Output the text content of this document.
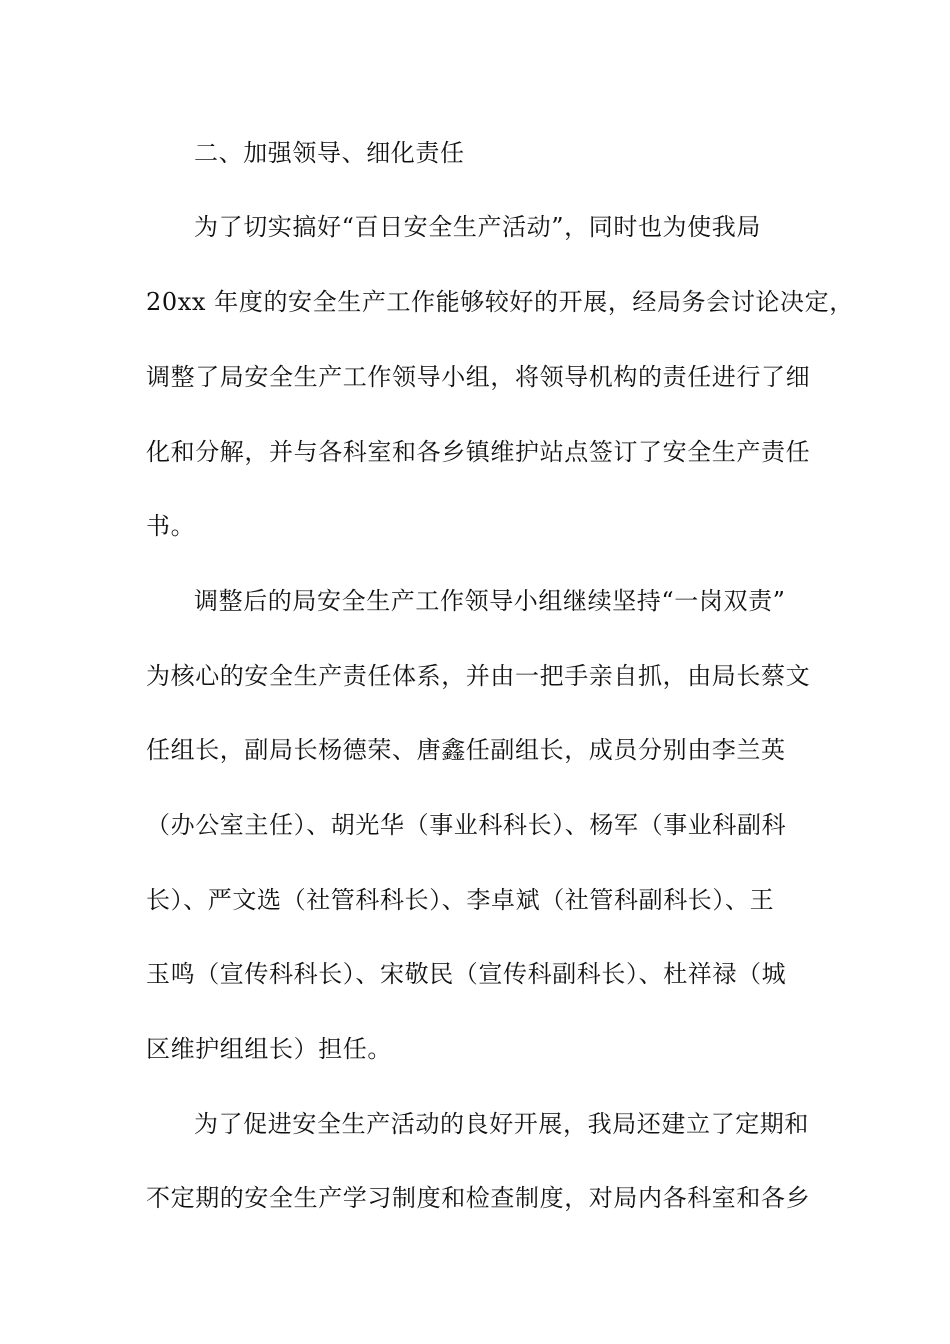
二、加强领导、细化责任
为了切实搞好“百日安全生产活动”，同时也为使我局
20xx 年度的安全生产工作能够较好的开展，经局务会讨论决定，
调整了局安全生产工作领导小组，将领导机构的责任进行了细
化和分解，并与各科室和各乡镇维护站点签订了安全生产责任
书。
调整后的局安全生产工作领导小组继续坚持“一岗双责”
为核心的安全生产责任体系，并由一把手亲自抓，由局长蔡文
任组长，副局长杨德荣、唐鑫任副组长，成员分别由李兰英
（办公室主任）、胡光华（事业科科长）、杨军（事业科副科
长）、严文选（社管科科长）、李卓斌（社管科副科长）、王
玉鸣（宣传科科长）、宋敬民（宣传科副科长）、杜祥禄（城
区维护组组长）担任。
为了促进安全生产活动的良好开展，我局还建立了定期和
不定期的安全生产学习制度和检查制度，对局内各科室和各乡
